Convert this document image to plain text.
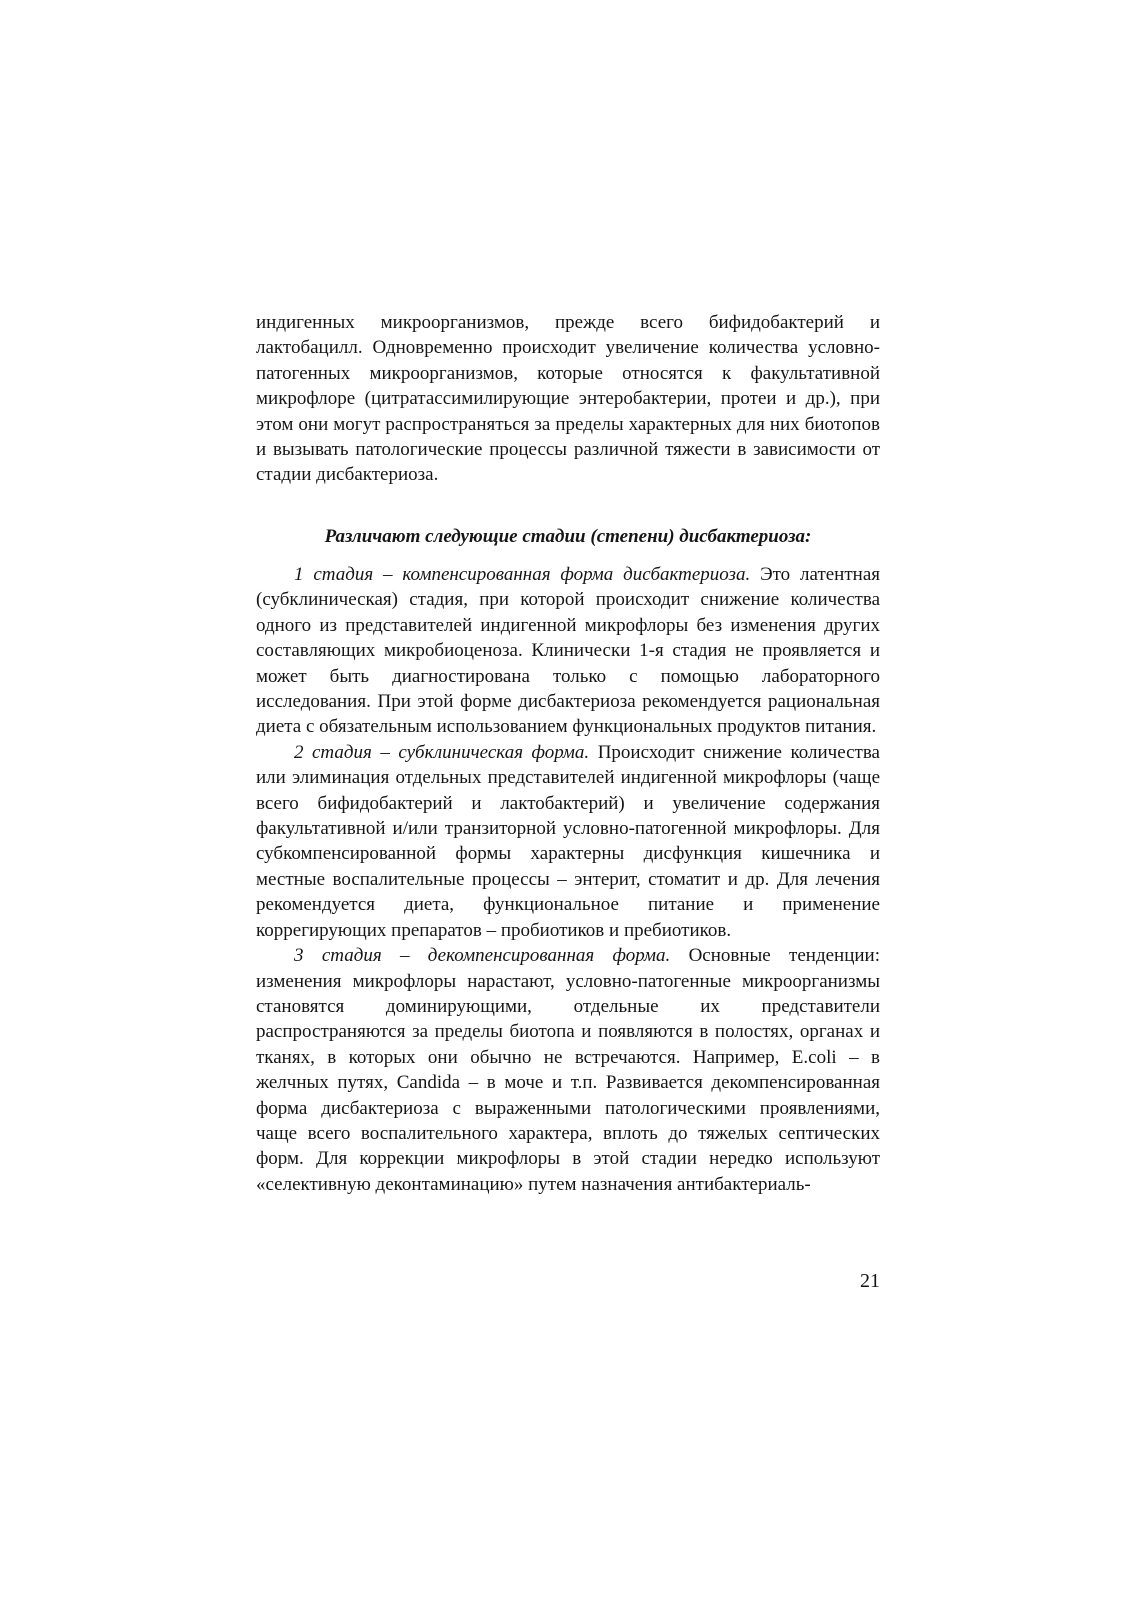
индигенных микроорганизмов, прежде всего бифидобактерий и лактобацилл. Одновременно происходит увеличение количества условно-патогенных микроорганизмов, которые относятся к факультативной микрофлоре (цитратассимилирующие энтеробактерии, протеи и др.), при этом они могут распространяться за пределы характерных для них биотопов и вызывать патологические процессы различной тяжести в зависимости от стадии дисбактериоза.

Различают следующие стадии (степени) дисбактериоза:

1 стадия – компенсированная форма дисбактериоза. Это латентная (субклиническая) стадия, при которой происходит снижение количества одного из представителей индигенной микрофлоры без изменения других составляющих микробиоценоза. Клинически 1-я стадия не проявляется и может быть диагностирована только с помощью лабораторного исследования. При этой форме дисбактериоза рекомендуется рациональная диета с обязательным использованием функциональных продуктов питания.

2 стадия – субклиническая форма. Происходит снижение количества или элиминация отдельных представителей индигенной микрофлоры (чаще всего бифидобактерий и лактобактерий) и увеличение содержания факультативной и/или транзиторной условно-патогенной микрофлоры. Для субкомпенсированной формы характерны дисфункция кишечника и местные воспалительные процессы – энтерит, стоматит и др. Для лечения рекомендуется диета, функциональное питание и применение коррегирующих препаратов – пробиотиков и пребиотиков.

3 стадия – декомпенсированная форма. Основные тенденции: изменения микрофлоры нарастают, условно-патогенные микроорганизмы становятся доминирующими, отдельные их представители распространяются за пределы биотопа и появляются в полостях, органах и тканях, в которых они обычно не встречаются. Например, E.coli – в желчных путях, Candida – в моче и т.п. Развивается декомпенсированная форма дисбактериоза с выраженными патологическими проявлениями, чаще всего воспалительного характера, вплоть до тяжелых септических форм. Для коррекции микрофлоры в этой стадии нередко используют «селективную деконтаминацию» путем назначения антибактериаль-

21
